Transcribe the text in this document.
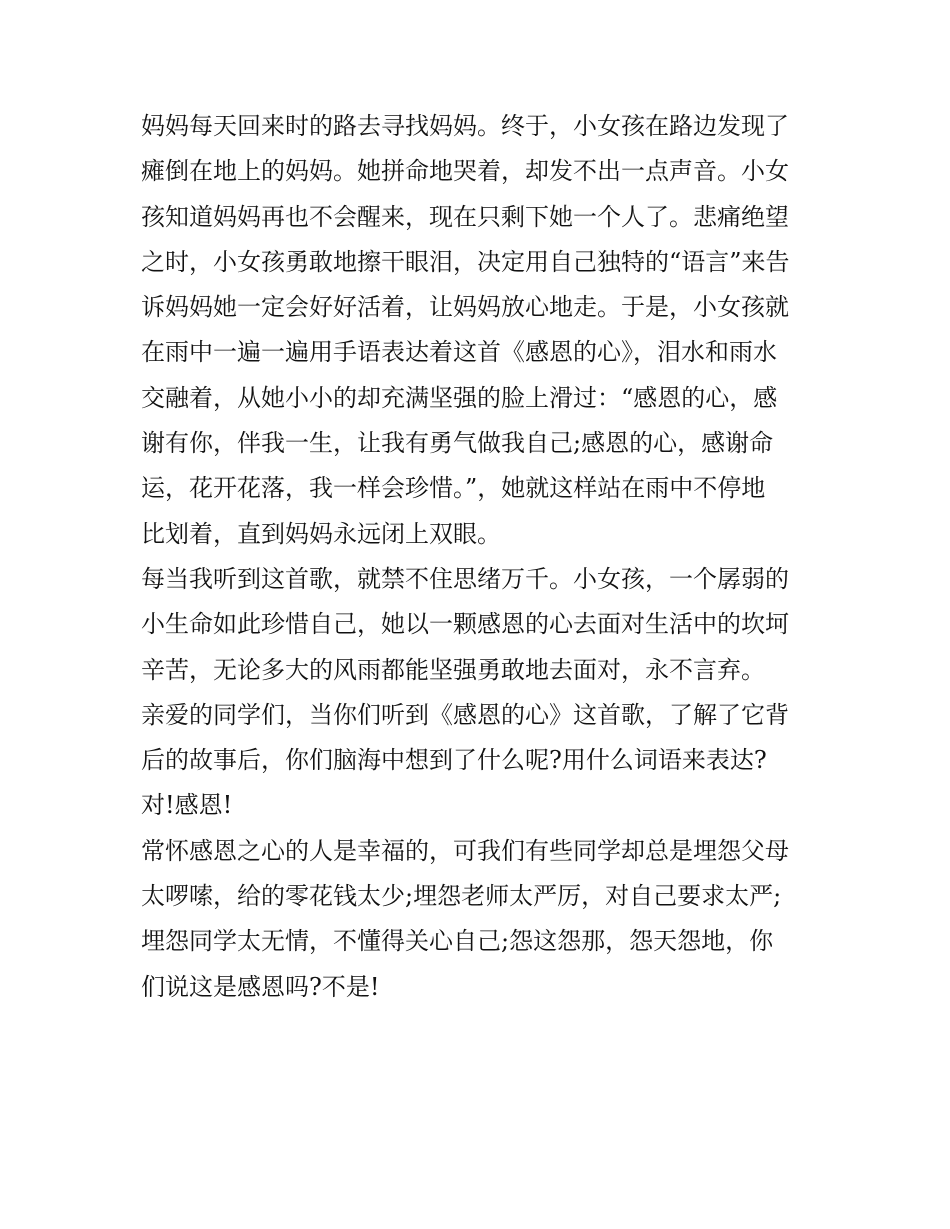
妈妈每天回来时的路去寻找妈妈。终于，小女孩在路边发现了
瘫倒在地上的妈妈。她拼命地哭着，却发不出一点声音。小女
孩知道妈妈再也不会醒来，现在只剩下她一个人了。悲痛绝望
之时，小女孩勇敢地擦干眼泪，决定用自己独特的“语言”来告
诉妈妈她一定会好好活着，让妈妈放心地走。于是，小女孩就
在雨中一遍一遍用手语表达着这首《感恩的心》，泪水和雨水
交融着，从她小小的却充满坚强的脸上滑过：“感恩的心，感
谢有你，伴我一生，让我有勇气做我自己;感恩的心，感谢命
运，花开花落，我一样会珍惜。”，她就这样站在雨中不停地
比划着，直到妈妈永远闭上双眼。
每当我听到这首歌，就禁不住思绪万千。小女孩，一个孱弱的
小生命如此珍惜自己，她以一颗感恩的心去面对生活中的坎坷
辛苦，无论多大的风雨都能坚强勇敢地去面对，永不言弃。
亲爱的同学们，当你们听到《感恩的心》这首歌，了解了它背
后的故事后，你们脑海中想到了什么呢?用什么词语来表达?
对!感恩!
常怀感恩之心的人是幸福的，可我们有些同学却总是埋怨父母
太啰嗦，给的零花钱太少;埋怨老师太严厉，对自己要求太严;
埋怨同学太无情，不懂得关心自己;怨这怨那，怨天怨地，你
们说这是感恩吗?不是!
